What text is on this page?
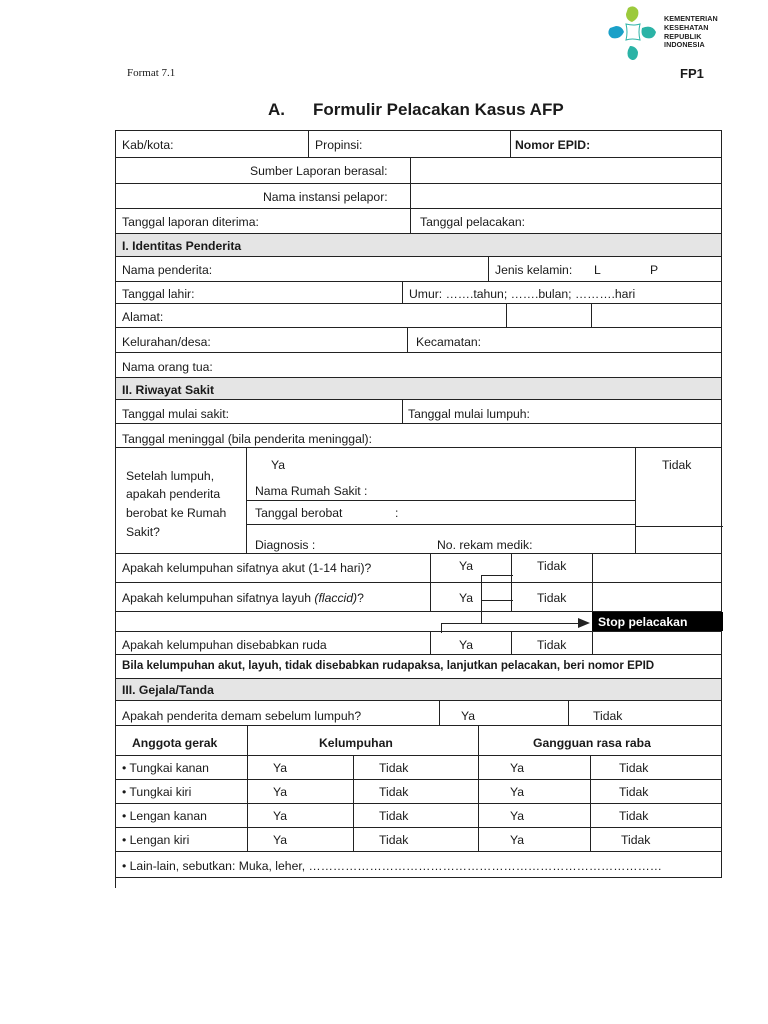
KEMENTERIAN
KESEHATAN
REPUBLIK
INDONESIA
Format 7.1	FP1
A. Formulir Pelacakan Kasus AFP
Kab/kota:	Propinsi:	Nomor EPID:
Sumber Laporan berasal:
Nama instansi pelapor:
Tanggal laporan diterima:	Tanggal pelacakan:
I. Identitas Penderita
Nama penderita:	Jenis kelamin: L	P
Tanggal lahir:	Umur: …….tahun; …….bulan; ……….hari
Alamat:
Kelurahan/desa:	Kecamatan:
Nama orang tua:
II. Riwayat Sakit
Tanggal mulai sakit:	Tanggal mulai lumpuh:
Tanggal meninggal (bila penderita meninggal):
Setelah lumpuh,
apakah penderita
berobat ke Rumah
Sakit?
Ya	Tidak
Nama Rumah Sakit :
Tanggal berobat	:
Diagnosis :	No. rekam medik:
Apakah kelumpuhan sifatnya akut (1-14 hari)?	Ya	Tidak
Apakah kelumpuhan sifatnya layuh (flaccid)?	Ya	Tidak
Stop pelacakan
Apakah kelumpuhan disebabkan ruda	Ya	Tidak
Bila kelumpuhan akut, layuh, tidak disebabkan rudapaksa, lanjutkan pelacakan, beri nomor EPID
III. Gejala/Tanda
Apakah penderita demam sebelum lumpuh?	Ya	Tidak
Anggota gerak	Kelumpuhan	Gangguan rasa raba
• Tungkai kanan	Ya	Tidak	Ya	Tidak
• Tungkai kiri	Ya	Tidak	Ya	Tidak
• Lengan kanan	Ya	Tidak	Ya	Tidak
• Lengan kiri	Ya	Tidak	Ya	Tidak
• Lain-lain, sebutkan: Muka, leher, ……………………………………………………………………………
